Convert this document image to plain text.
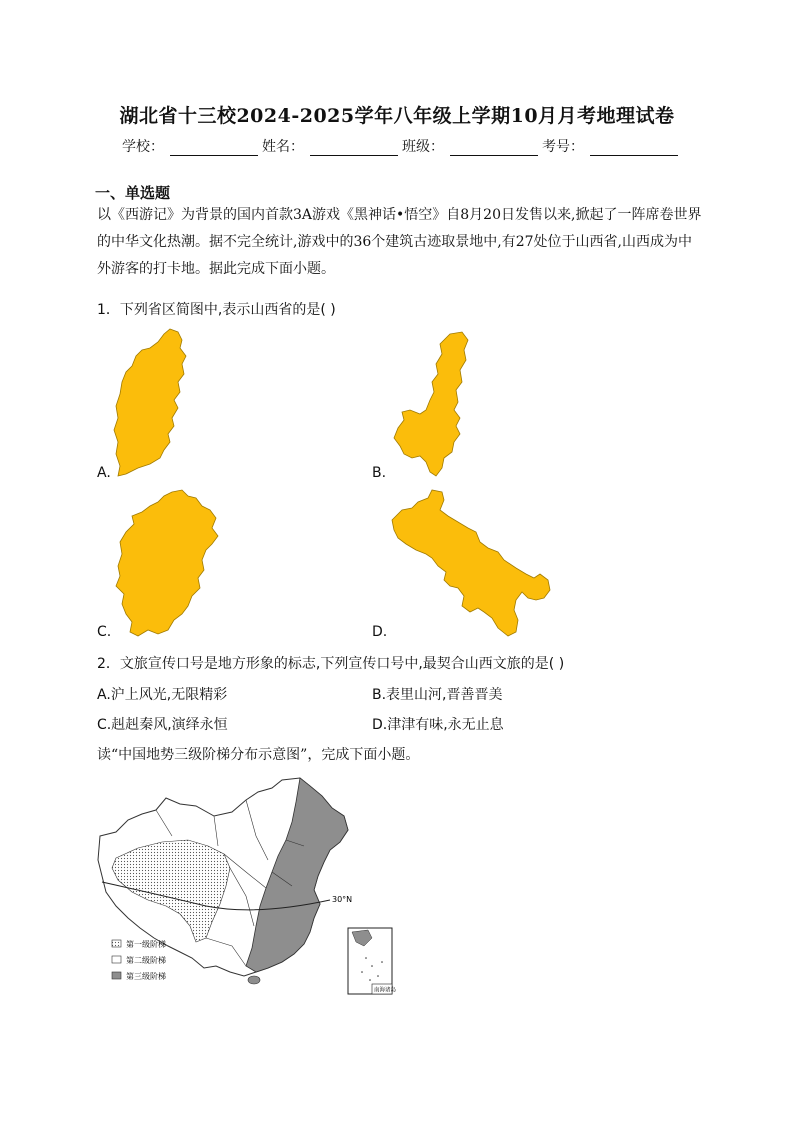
湖北省十三校2024-2025学年八年级上学期10月月考地理试卷
学校：	姓名：	班级：	考号：
一、单选题
以《西游记》为背景的国内首款3A游戏《黑神话•悟空》自8月20日发售以来,掀起了一阵席卷世界的中华文化热潮。据不完全统计,游戏中的36个建筑古迹取景地中,有27处位于山西省,山西成为中外游客的打卡地。据此完成下面小题。
1．下列省区简图中,表示山西省的是( )
A.	B.
C.	D.
2．文旅宣传口号是地方形象的标志,下列宣传口号中,最契合山西文旅的是( )
A.沪上风光,无限精彩	B.表里山河,晋善晋美
C.赳赳秦风,演绎永恒	D.津津有味,永无止息
读“中国地势三级阶梯分布示意图”，完成下面小题。
30°N
第一级阶梯
第二级阶梯
第三级阶梯
南海诸岛
